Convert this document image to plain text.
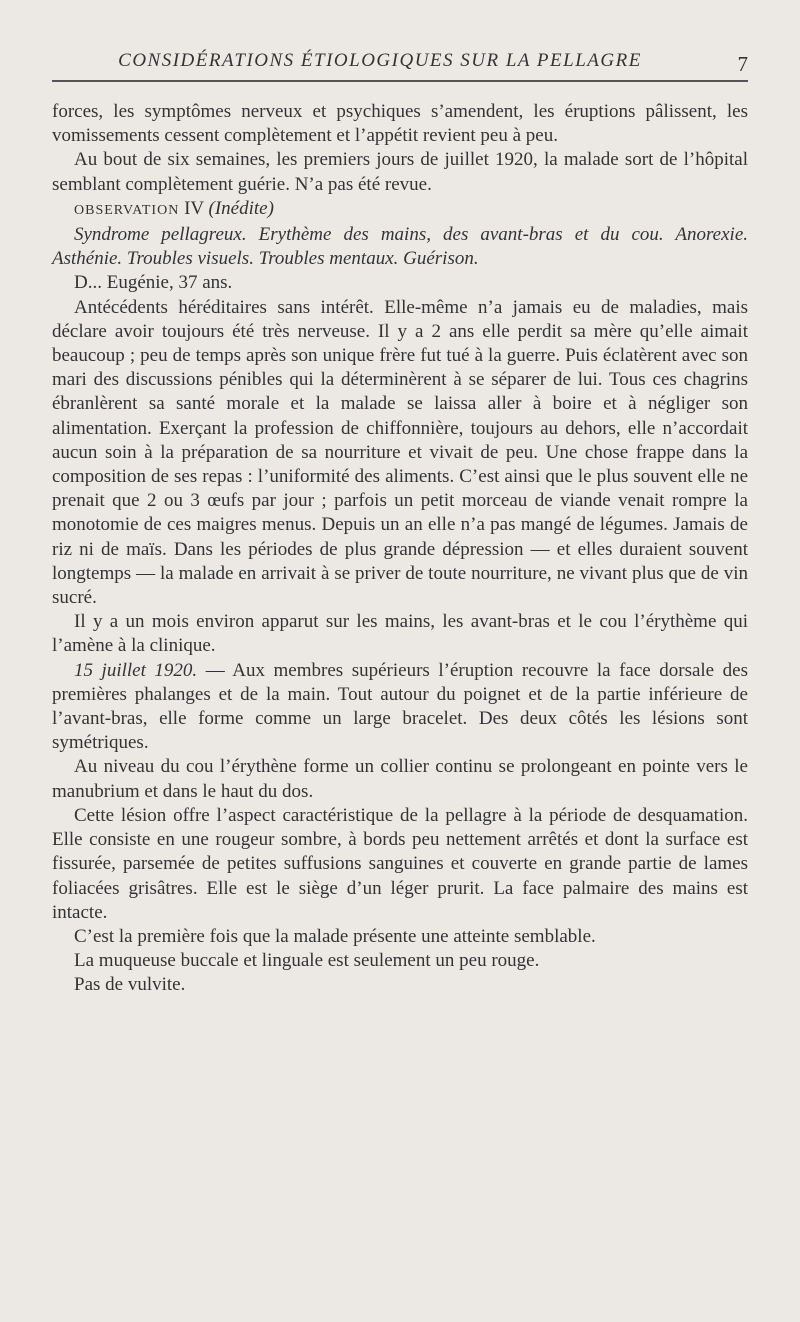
CONSIDÉRATIONS ÉTIOLOGIQUES SUR LA PELLAGRE	7

forces, les symptômes nerveux et psychiques s’amendent, les éruptions pâlissent, les vomissements cessent complètement et l’appétit revient peu à peu.

Au bout de six semaines, les premiers jours de juillet 1920, la malade sort de l’hôpital semblant complètement guérie. N’a pas été revue.

OBSERVATION IV (Inédite)

Syndrome pellagreux. Erythème des mains, des avant-bras et du cou. Anorexie. Asthénie. Troubles visuels. Troubles mentaux. Guérison.

D... Eugénie, 37 ans.

Antécédents héréditaires sans intérêt. Elle-même n’a jamais eu de maladies, mais déclare avoir toujours été très nerveuse. Il y a 2 ans elle perdit sa mère qu’elle aimait beaucoup ; peu de temps après son unique frère fut tué à la guerre. Puis éclatèrent avec son mari des discussions pénibles qui la déterminèrent à se séparer de lui. Tous ces chagrins ébranlèrent sa santé morale et la malade se laissa aller à boire et à négliger son alimentation. Exerçant la profession de chiffonnière, toujours au dehors, elle n’accordait aucun soin à la préparation de sa nourriture et vivait de peu. Une chose frappe dans la composition de ses repas : l’uniformité des aliments. C’est ainsi que le plus souvent elle ne prenait que 2 ou 3 œufs par jour ; parfois un petit morceau de viande venait rompre la monotomie de ces maigres menus. Depuis un an elle n’a pas mangé de légumes. Jamais de riz ni de maïs. Dans les périodes de plus grande dépression — et elles duraient souvent longtemps — la malade en arrivait à se priver de toute nourriture, ne vivant plus que de vin sucré.

Il y a un mois environ apparut sur les mains, les avant-bras et le cou l’érythème qui l’amène à la clinique.

15 juillet 1920. — Aux membres supérieurs l’éruption recouvre la face dorsale des premières phalanges et de la main. Tout autour du poignet et de la partie inférieure de l’avant-bras, elle forme comme un large bracelet. Des deux côtés les lésions sont symétriques.

Au niveau du cou l’érythène forme un collier continu se prolongeant en pointe vers le manubrium et dans le haut du dos.

Cette lésion offre l’aspect caractéristique de la pellagre à la période de desquamation. Elle consiste en une rougeur sombre, à bords peu nettement arrêtés et dont la surface est fissurée, parsemée de petites suffusions sanguines et couverte en grande partie de lames foliacées grisâtres. Elle est le siège d’un léger prurit. La face palmaire des mains est intacte.

C’est la première fois que la malade présente une atteinte semblable.

La muqueuse buccale et linguale est seulement un peu rouge.

Pas de vulvite.
